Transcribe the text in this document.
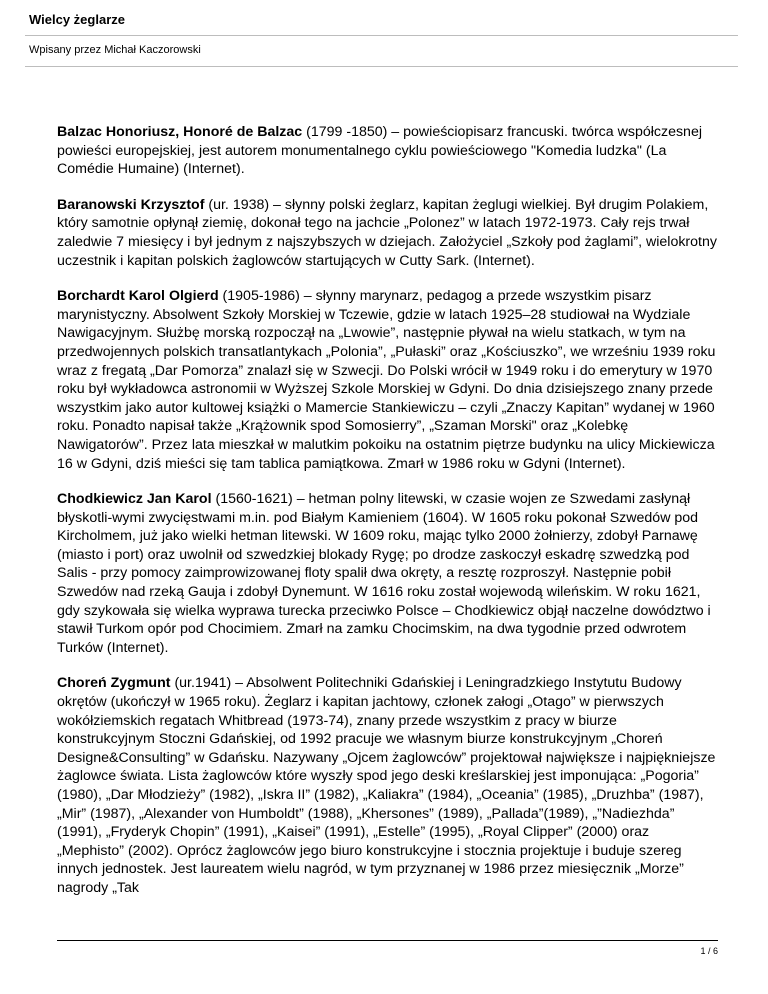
Wielcy żeglarze
Wpisany przez Michał Kaczorowski

Balzac Honoriusz, Honoré de Balzac (1799 -1850) – powieściopisarz francuski. twórca współczesnej powieści europejskiej, jest autorem monumentalnego cyklu powieściowego "Komedia ludzka" (La Comédie Humaine) (Internet).

Baranowski Krzysztof (ur. 1938) – słynny polski żeglarz, kapitan żeglugi wielkiej. Był drugim Polakiem, który samotnie opłynął ziemię, dokonał tego na jachcie „Polonez” w latach 1972-1973. Cały rejs trwał zaledwie 7 miesięcy i był jednym z najszybszych w dziejach. Założyciel „Szkoły pod żaglami”, wielokrotny uczestnik i kapitan polskich żaglowców startujących w Cutty Sark. (Internet).

Borchardt Karol Olgierd (1905-1986) – słynny marynarz, pedagog a przede wszystkim pisarz marynistyczny. Absolwent Szkoły Morskiej w Tczewie, gdzie w latach 1925–28 studiował na Wydziale Nawigacyjnym. Służbę morską rozpoczął na „Lwowie”, następnie pływał na wielu statkach, w tym na przedwojennych polskich transatlantykach „Polonia”, „Pułaski” oraz „Kościuszko”, we wrześniu 1939 roku wraz z fregatą „Dar Pomorza” znalazł się w Szwecji. Do Polski wrócił w 1949 roku i do emerytury w 1970 roku był wykładowca astronomii w Wyższej Szkole Morskiej w Gdyni. Do dnia dzisiejszego znany przede wszystkim jako autor kultowej książki o Mamercie Stankiewiczu – czyli „Znaczy Kapitan” wydanej w 1960 roku. Ponadto napisał także „Krążownik spod Somosierry”, „Szaman Morski" oraz „Kolebkę Nawigatorów”. Przez lata mieszkał w malutkim pokoiku na ostatnim piętrze budynku na ulicy Mickiewicza 16 w Gdyni, dziś mieści się tam tablica pamiątkowa. Zmarł w 1986 roku w Gdyni (Internet).

Chodkiewicz Jan Karol (1560-1621) – hetman polny litewski, w czasie wojen ze Szwedami zasłynął błyskotli-wymi zwycięstwami m.in. pod Białym Kamieniem (1604). W 1605 roku pokonał Szwedów pod Kircholmem, już jako wielki hetman litewski. W 1609 roku, mając tylko 2000 żołnierzy, zdobył Parnawę (miasto i port) oraz uwolnił od szwedzkiej blokady Rygę; po drodze zaskoczył eskadrę szwedzką pod Salis - przy pomocy zaimprowizowanej floty spalił dwa okręty, a resztę rozproszył. Następnie pobił Szwedów nad rzeką Gauja i zdobył Dynemunt. W 1616 roku został wojewodą wileńskim. W roku 1621, gdy szykowała się wielka wyprawa turecka przeciwko Polsce – Chodkiewicz objął naczelne dowództwo i stawił Turkom opór pod Chocimiem. Zmarł na zamku Chocimskim, na dwa tygodnie przed odwrotem Turków (Internet).

Choreń Zygmunt (ur.1941) – Absolwent Politechniki Gdańskiej i Leningradzkiego Instytutu Budowy okrętów (ukończył w 1965 roku). Żeglarz i kapitan jachtowy, członek załogi „Otago” w pierwszych wokółziemskich regatach Whitbread (1973-74), znany przede wszystkim z pracy w biurze konstrukcyjnym Stoczni Gdańskiej, od 1992 pracuje we własnym biurze konstrukcyjnym „Choreń Designe&Consulting” w Gdańsku. Nazywany „Ojcem żaglowców” projektował największe i najpiękniejsze żaglowce świata. Lista żaglowców które wyszły spod jego deski kreślarskiej jest imponująca: „Pogoria” (1980), „Dar Młodzieży” (1982), „Iskra II” (1982), „Kaliakra” (1984), „Oceania” (1985), „Druzhba” (1987), „Mir” (1987), „Alexander von Humboldt” (1988), „Khersones” (1989), „Pallada”(1989), „”Nadiezhda” (1991), „Fryderyk Chopin” (1991), „Kaisei” (1991), „Estelle” (1995), „Royal Clipper” (2000) oraz „Mephisto” (2002). Oprócz żaglowców jego biuro konstrukcyjne i stocznia projektuje i buduje szereg innych jednostek. Jest laureatem wielu nagród, w tym przyznanej w 1986 przez miesięcznik „Morze” nagrody „Tak

1 / 6
